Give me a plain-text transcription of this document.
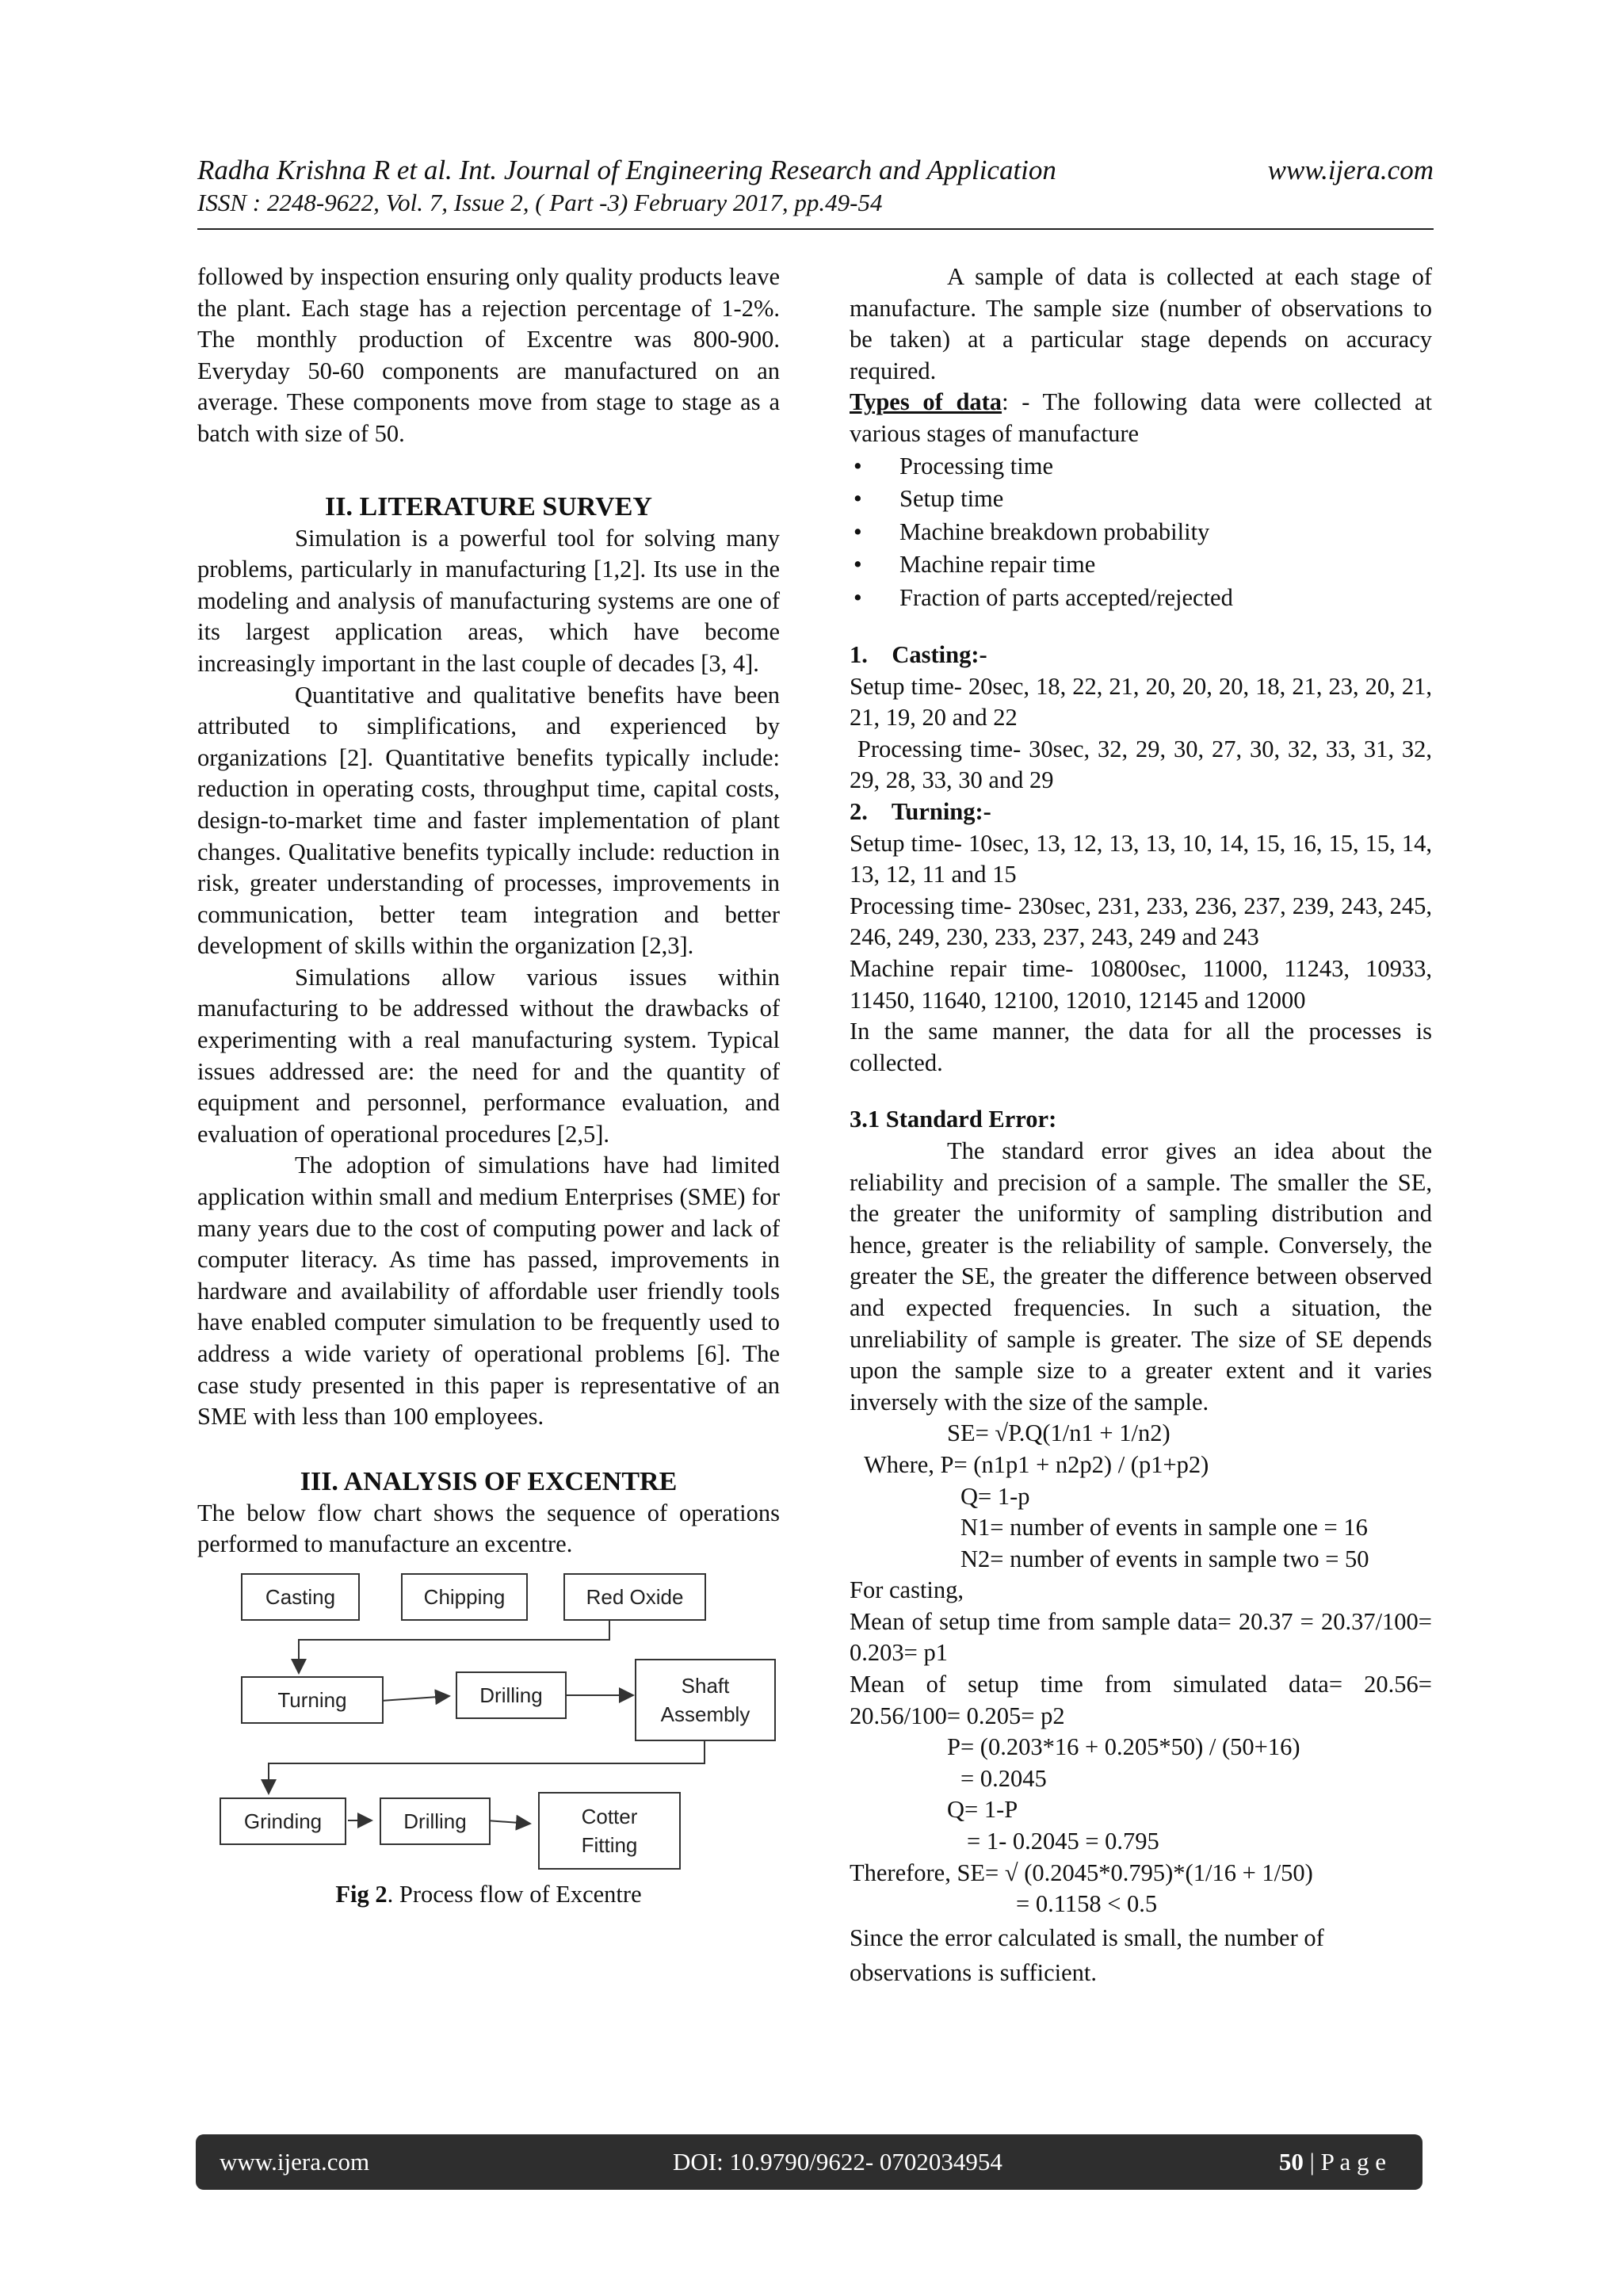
Radha Krishna R et al. Int. Journal of Engineering Research and Application	www.ijera.com
ISSN : 2248-9622, Vol. 7, Issue 2, ( Part -3) February 2017, pp.49-54

followed by inspection ensuring only quality products leave the plant. Each stage has a rejection percentage of 1-2%. The monthly production of Excentre was 800-900. Everyday 50-60 components are manufactured on an average. These components move from stage to stage as a batch with size of 50.

II. LITERATURE SURVEY

Simulation is a powerful tool for solving many problems, particularly in manufacturing [1,2]. Its use in the modeling and analysis of manufacturing systems are one of its largest application areas, which have become increasingly important in the last couple of decades [3, 4].

Quantitative and qualitative benefits have been attributed to simplifications, and experienced by organizations [2]. Quantitative benefits typically include: reduction in operating costs, throughput time, capital costs, design-to-market time and faster implementation of plant changes. Qualitative benefits typically include: reduction in risk, greater understanding of processes, improvements in communication, better team integration and better development of skills within the organization [2,3].

Simulations allow various issues within manufacturing to be addressed without the drawbacks of experimenting with a real manufacturing system. Typical issues addressed are: the need for and the quantity of equipment and personnel, performance evaluation, and evaluation of operational procedures [2,5].

The adoption of simulations have had limited application within small and medium Enterprises (SME) for many years due to the cost of computing power and lack of computer literacy. As time has passed, improvements in hardware and availability of affordable user friendly tools have enabled computer simulation to be frequently used to address a wide variety of operational problems [6]. The case study presented in this paper is representative of an SME with less than 100 employees.

III. ANALYSIS OF EXCENTRE

The below flow chart shows the sequence of operations performed to manufacture an excentre.

Casting	Chipping	Red Oxide
Turning	Drilling	Shaft
Assembly
Grinding	Drilling	Cotter
Fitting
Fig 2. Process flow of Excentre

A sample of data is collected at each stage of manufacture. The sample size (number of observations to be taken) at a particular stage depends on accuracy required.

Types of data: - The following data were collected at various stages of manufacture

• Processing time
• Setup time
• Machine breakdown probability
• Machine repair time
• Fraction of parts accepted/rejected

1.    Casting:-

Setup time- 20sec, 18, 22, 21, 20, 20, 20, 18, 21, 23, 20, 21, 21, 19, 20 and 22

Processing time- 30sec, 32, 29, 30, 27, 30, 32, 33, 31, 32, 29, 28, 33, 30 and 29

2.    Turning:-

Setup time- 10sec, 13, 12, 13, 13, 10, 14, 15, 16, 15, 15, 14, 13, 12, 11 and 15

Processing time- 230sec, 231, 233, 236, 237, 239, 243, 245, 246, 249, 230, 233, 237, 243, 249 and 243

Machine repair time- 10800sec, 11000, 11243, 10933, 11450, 11640, 12100, 12010, 12145 and 12000

In the same manner, the data for all the processes is collected.

3.1 Standard Error:

The standard error gives an idea about the reliability and precision of a sample. The smaller the SE, the greater the uniformity of sampling distribution and hence, greater is the reliability of sample. Conversely, the greater the SE, the greater the difference between observed and expected frequencies. In such a situation, the unreliability of sample is greater. The size of SE depends upon the sample size to a greater extent and it varies inversely with the size of the sample.

SE= √P.Q(1/n1 + 1/n2)

Where, P= (n1p1 + n2p2) / (p1+p2)

Q= 1-p

N1= number of events in sample one = 16

N2= number of events in sample two = 50

For casting,

Mean of setup time from sample data= 20.37 = 20.37/100= 0.203= p1

Mean of setup time from simulated data= 20.56= 20.56/100= 0.205= p2

P= (0.203*16 + 0.205*50) / (50+16)

= 0.2045

Q= 1-P

= 1- 0.2045 = 0.795

Therefore, SE= √ (0.2045*0.795)*(1/16 + 1/50)

= 0.1158 < 0.5

Since the error calculated is small, the number of observations is sufficient.

www.ijera.com	DOI: 10.9790/9622- 0702034954	50 | P a g e
